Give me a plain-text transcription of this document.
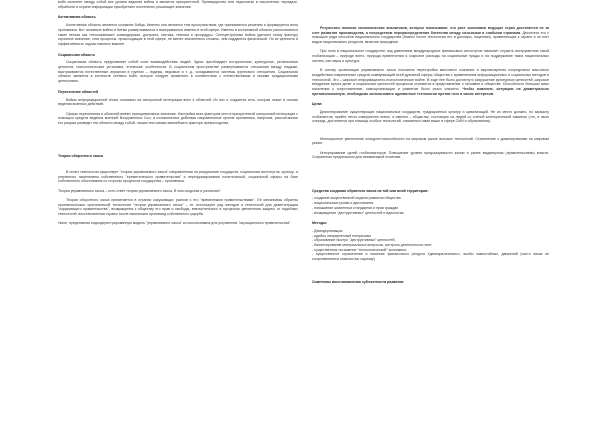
войн сильнеет между собой все уровни ведения войны и является приоритетной. Преимущество или недостатки в накоплении, передаче, обработке и охране информации приобретают постепенно решающее значение.

Когнитивная область

Когнитивная область является сознание бойца. Именно она является тем пространством, где принимаются решения и формируется воля противника. Вот основные войны и битвы развертываются и выигрываются именно в этой сфере. Именно в когнитивной области располагаются такие нельзя как «неосязаемые» командирская, доктрина, тактика, техника и процедуры. Сетецентричные войны уделяют этому фактору огромное значение, хотя процессы, происходящие в этой сфере, не менее значительно сложны, чем поддаются физической. Но их ценность и эффективность подчас намного важнее.

Социальная область

Социальная область представляет собой поле взаимодействия людей. Здесь преобладает исторические, культурные, религиозные ценности, психологические установки, этические особенности. В социальном пространстве развертываются отношения между людьми, выстраиваются естественные иерархии в группах – лидеры, ведомые и т. д., складываются системы группового отношения. Социальная область является в контексте сетевых войн, которое следует применять в соответствии с отечественными и своими традиционными ценностями.

Пересечение областей

Войны информационной эпохи основаны на синхронной интеграции всех 4 областей. Их них и создается сеть, которая лежит в основе ведения военных действий.

Сферы пересечения и областей имеют принципиальное значение. Настройка всех факторов сети в приоритетной синхронной интеграции с помощью средств ведения военной Вооруженных Сил, а сознательные действия направленные против противника, напротив, рассчитанные его разрыв разведет эти области между собой, лишая тем самым важнейшего фактора превосходства.

Теория оборотного хаоса

В полит технологии существует "теория управляемого хаоса" направленная на разрушение государств, социальных институтов, культур, и утерянного населением собственного "ереметического правительства" и перефразирования политической, социальной сферы на базе собственного обоснования со стороны процессов государства – противника.

Теория управляемого хаоса – есть ответ теории управляемого хаоса. В чем сходства и различия?

Теория оборотного хаоса применяется в странах окружающих рынков с его "временными правительствами". Ее механизмы обратны противоположно оригинальной технологии "теории управляемого хаоса" – те, используют ряд методов и технологий для дезинтеграции "окружающего правительства", возвращения к обществу его прав и свободы, внеочительного в процессах увеличения защиты от подобных технологий, восстановления страны после панических пропаганд собственного ущерба.

Ныне, представляя подходерестрированную модель "управляемого хаоса" из использована для устранения "окупационного правительства".

Результаты анализа экономических аналитиков, которые показывают, что рост экономики ведущих стран достигается не за счет развития производства, а посредством перераспределения богатства между сильными и слабыми странами. Дестатеги это с помощью ряда способов национального государства (бизнес после технологии его в доллары, лицензии), применяющих к охране и за счет видов национальных ресурсов, включая природные.

При этом в национальное государство под давлением международных финансовых институтов начинает служить инструментом такой глобализации – природе всего, природа привлечения и сокрытие расходы на социальные нужды и на поддержание таких национальных систем, как наука и культура.

В основу организации управляемого хаоса положена перестройка массового сознания и мировоззрения посредством массового воздействия современных средств коммуникаций всей духовной сферы общества с применением информационных и социальных методов и технологий. Это – широкое информационно-психологическое войне. В ходе нее было достигнуто разрушение культурных ценностей, широкое внедрение культа денег и социальных ценностей процессов стремится в представление о человеке и обществе. Способность больших масс населения к сопротивлению, самоорганизации и развитию было резко снижено. Чтобы изменить ситуацию на диаметрально противоположную, необходимо использовать адекватные технологии против него и своих интересов.

Цели:

Демонтирование существующих национальных государств, традиционных культур и цивилизаций. Не их место должно, по замыслу глобалистов, прийти нечто совершенно новое, а именно – общество, состоящее из людей со слепой категорической памятью (что, в свою очередь, достигается при помощи особых технологий, описанных нами выше в сфере СМИ и образования).

Многократное увеличение конкурентоспособности на мировом рынке высоких технологий. Стремление к доминированию на мировом рынке.

Игнорирование целей глобализаторов. Повышение уровня предсказуемости жизни и ранее выдвинутым (правительствам) власти. Сохранения предпосылок для независимой политики.

Средства создания обратного хаоса на той или иной территории:
- создание искусственной модели развития общества
- национальные рынки и дипломатия
- повышение жизненных стандартов и прав граждан
- возвращение "деструктивных" ценностей и идеологии.
Методы:
- Демодернизация
- идейно направленный плюрализм
- образование быстро "деструктивных" ценностей,
- балансирование материальных вопросов, контроль деятельности элит
- существенное погашение "технологической" экономики;
- существенное ограничение и лишение финансового ресурса «демократических», якобы самостийных, движений (часто никак не сопротивляются опасностью харизму)
Симптомы восстановления субъектности развития
